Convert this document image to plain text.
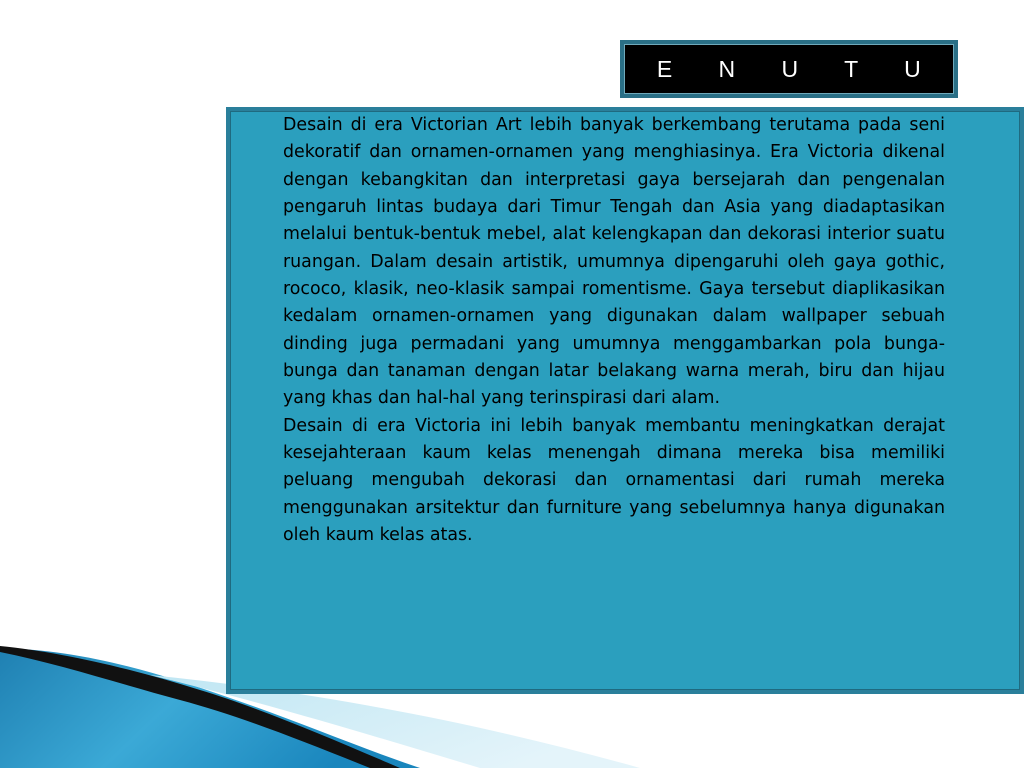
P E N U T U P

Desain di era Victorian Art lebih banyak berkembang terutama pada seni dekoratif dan ornamen-ornamen yang menghiasinya. Era Victoria dikenal dengan kebangkitan dan interpretasi gaya bersejarah dan pengenalan pengaruh lintas budaya dari Timur Tengah dan Asia yang diadaptasikan melalui bentuk-bentuk mebel, alat kelengkapan dan dekorasi interior suatu ruangan. Dalam desain artistik, umumnya dipengaruhi oleh gaya gothic, rococo, klasik, neo-klasik sampai romentisme. Gaya tersebut diaplikasikan kedalam ornamen-ornamen yang digunakan dalam wallpaper sebuah dinding juga permadani yang umumnya menggambarkan pola bunga-bunga dan tanaman dengan latar belakang warna merah, biru dan hijau yang khas dan hal-hal yang terinspirasi dari alam.

Desain di era Victoria ini lebih banyak membantu meningkatkan derajat kesejahteraan kaum kelas menengah dimana mereka bisa memiliki peluang mengubah dekorasi dan ornamentasi dari rumah mereka menggunakan arsitektur dan furniture yang sebelumnya hanya digunakan oleh kaum kelas atas.
